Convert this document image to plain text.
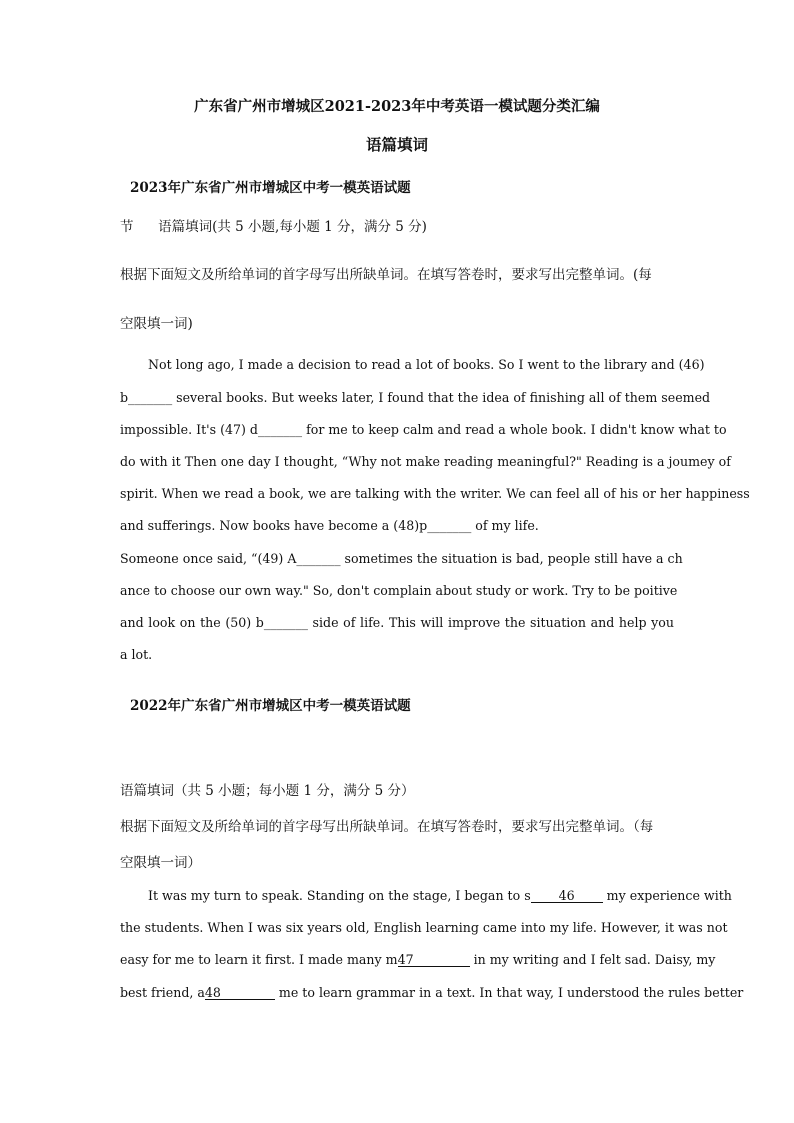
广东省广州市增城区2021-2023年中考英语一模试题分类汇编
语篇填词
2023年广东省广州市增城区中考一模英语试题
节 语篇填词(共 5 小题,每小题 1 分，满分 5 分)
根据下面短文及所给单词的首字母写出所缺单词。在填写答卷时，要求写出完整单词。(每
空限填一词)
Not long ago, I made a decision to read a lot of books. So I went to the library and (46)
b_______ several books. But weeks later, I found that the idea of finishing all of them seemed
impossible. It's (47) d_______ for me to keep calm and read a whole book. I didn't know what to
do with it Then one day I thought, “Why not make reading meaningful?" Reading is a joumey of
spirit. When we read a book, we are talking with the writer. We can feel all of his or her happiness
and sufferings. Now books have become a (48)p_______ of my life.
Someone once said, “(49) A_______ sometimes the situation is bad, people still have a ch
ance to choose our own way." So, don't complain about study or work. Try to be poitive
and look on the (50) b_______ side of life. This will improve the situation and help you
a lot.
2022年广东省广州市增城区中考一模英语试题
语篇填词（共 5 小题；每小题 1 分，满分 5 分）
根据下面短文及所给单词的首字母写出所缺单词。在填写答卷时，要求写出完整单词。（每
空限填一词）
It was my turn to speak. Standing on the stage, I began to s 46 my experience with
the students. When I was six years old, English learning came into my life. However, it was not
easy for me to learn it first. I made many m47	in my writing and I felt sad. Daisy, my
best friend, a48	me to learn grammar in a text. In that way, I understood the rules better
